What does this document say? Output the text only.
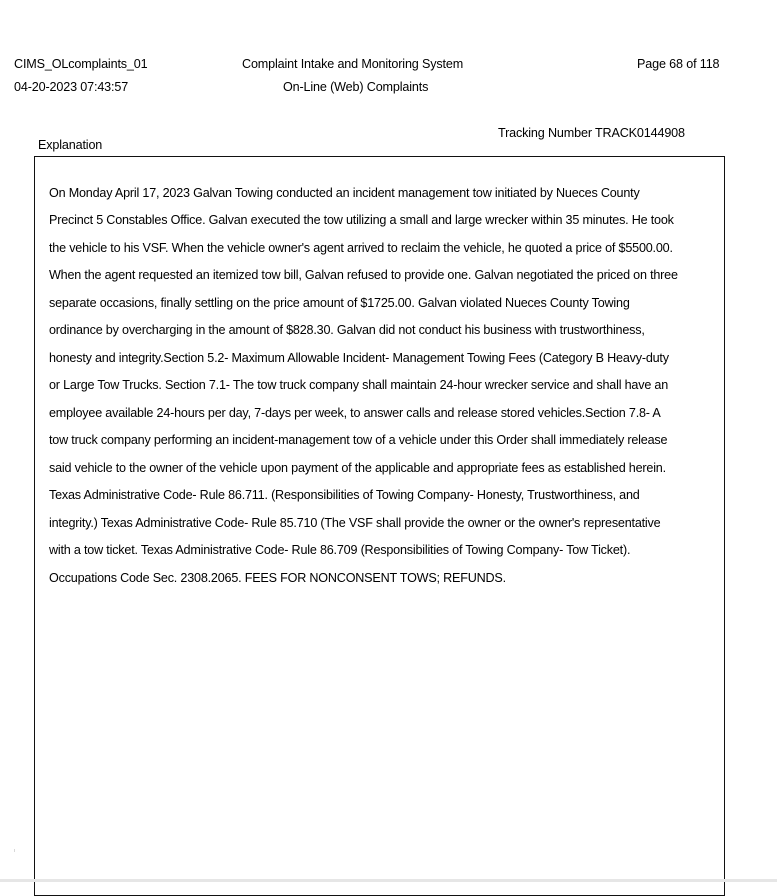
CIMS_OLcomplaints_01	Complaint Intake and Monitoring System	Page 68 of 118
04-20-2023 07:43:57	On-Line (Web) Complaints
Tracking Number TRACK0144908
Explanation

On Monday April 17, 2023 Galvan Towing conducted an incident management tow initiated by Nueces County

Precinct 5 Constables Office. Galvan executed the tow utilizing a small and large wrecker within 35 minutes. He took

the vehicle to his VSF. When the vehicle owner's agent arrived to reclaim the vehicle, he quoted a price of $5500.00.

When the agent requested an itemized tow bill, Galvan refused to provide one. Galvan negotiated the priced on three

separate occasions, finally settling on the price amount of $1725.00. Galvan violated Nueces County Towing

ordinance by overcharging in the amount of $828.30. Galvan did not conduct his business with trustworthiness,

honesty and integrity.Section 5.2- Maximum Allowable Incident- Management Towing Fees (Category B Heavy-duty

or Large Tow Trucks. Section 7.1- The tow truck company shall maintain 24-hour wrecker service and shall have an

employee available 24-hours per day, 7-days per week, to answer calls and release stored vehicles.Section 7.8- A

tow truck company performing an incident-management tow of a vehicle under this Order shall immediately release

said vehicle to the owner of the vehicle upon payment of the applicable and appropriate fees as established herein.

Texas Administrative Code- Rule 86.711. (Responsibilities of Towing Company- Honesty, Trustworthiness, and

integrity.) Texas Administrative Code- Rule 85.710 (The VSF shall provide the owner or the owner's representative

with a tow ticket. Texas Administrative Code- Rule 86.709 (Responsibilities of Towing Company- Tow Ticket).

Occupations Code Sec. 2308.2065. FEES FOR NONCONSENT TOWS; REFUNDS.
